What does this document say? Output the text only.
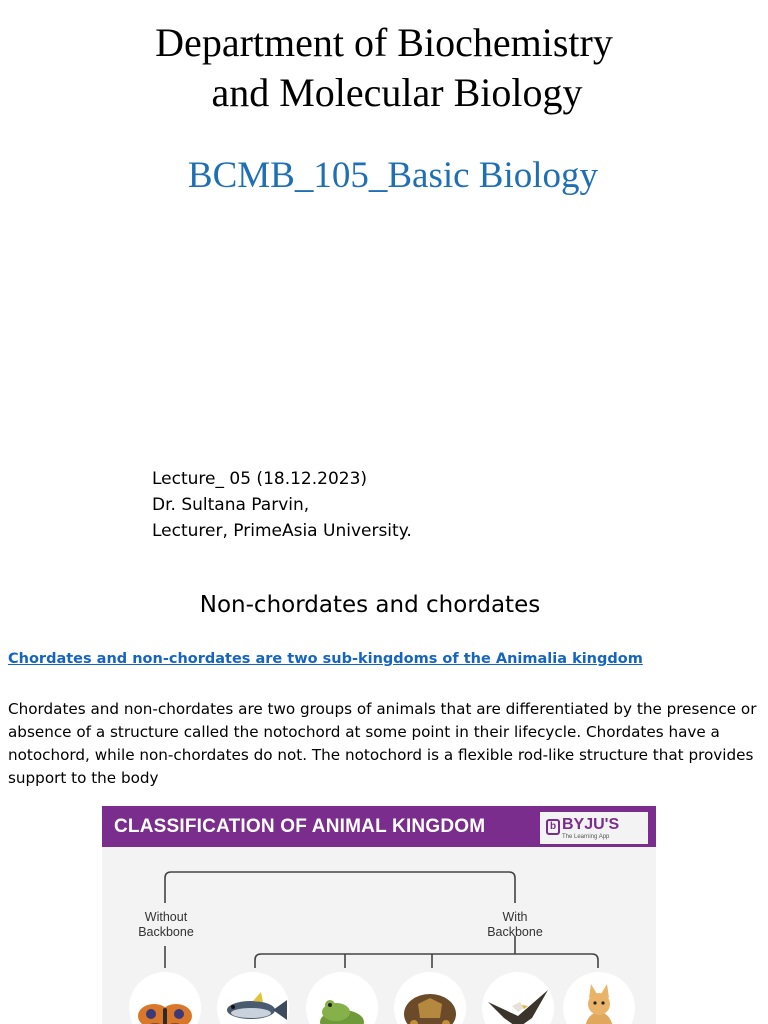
Department of Biochemistry
and Molecular Biology
BCMB_105_Basic Biology
Lecture_ 05 (18.12.2023)
Dr. Sultana Parvin,
Lecturer, PrimeAsia University.
Non-chordates and chordates
Chordates and non-chordates are two sub-kingdoms of the Animalia kingdom
Chordates and non-chordates are two groups of animals that are differentiated by the presence or absence of a structure called the notochord at some point in their lifecycle. Chordates have a notochord, while non-chordates do not. The notochord is a flexible rod-like structure that provides support to the body
CLASSIFICATION OF ANIMAL KINGDOM	b BYJU'S
The Learning App
Without
Backbone
With
Backbone
